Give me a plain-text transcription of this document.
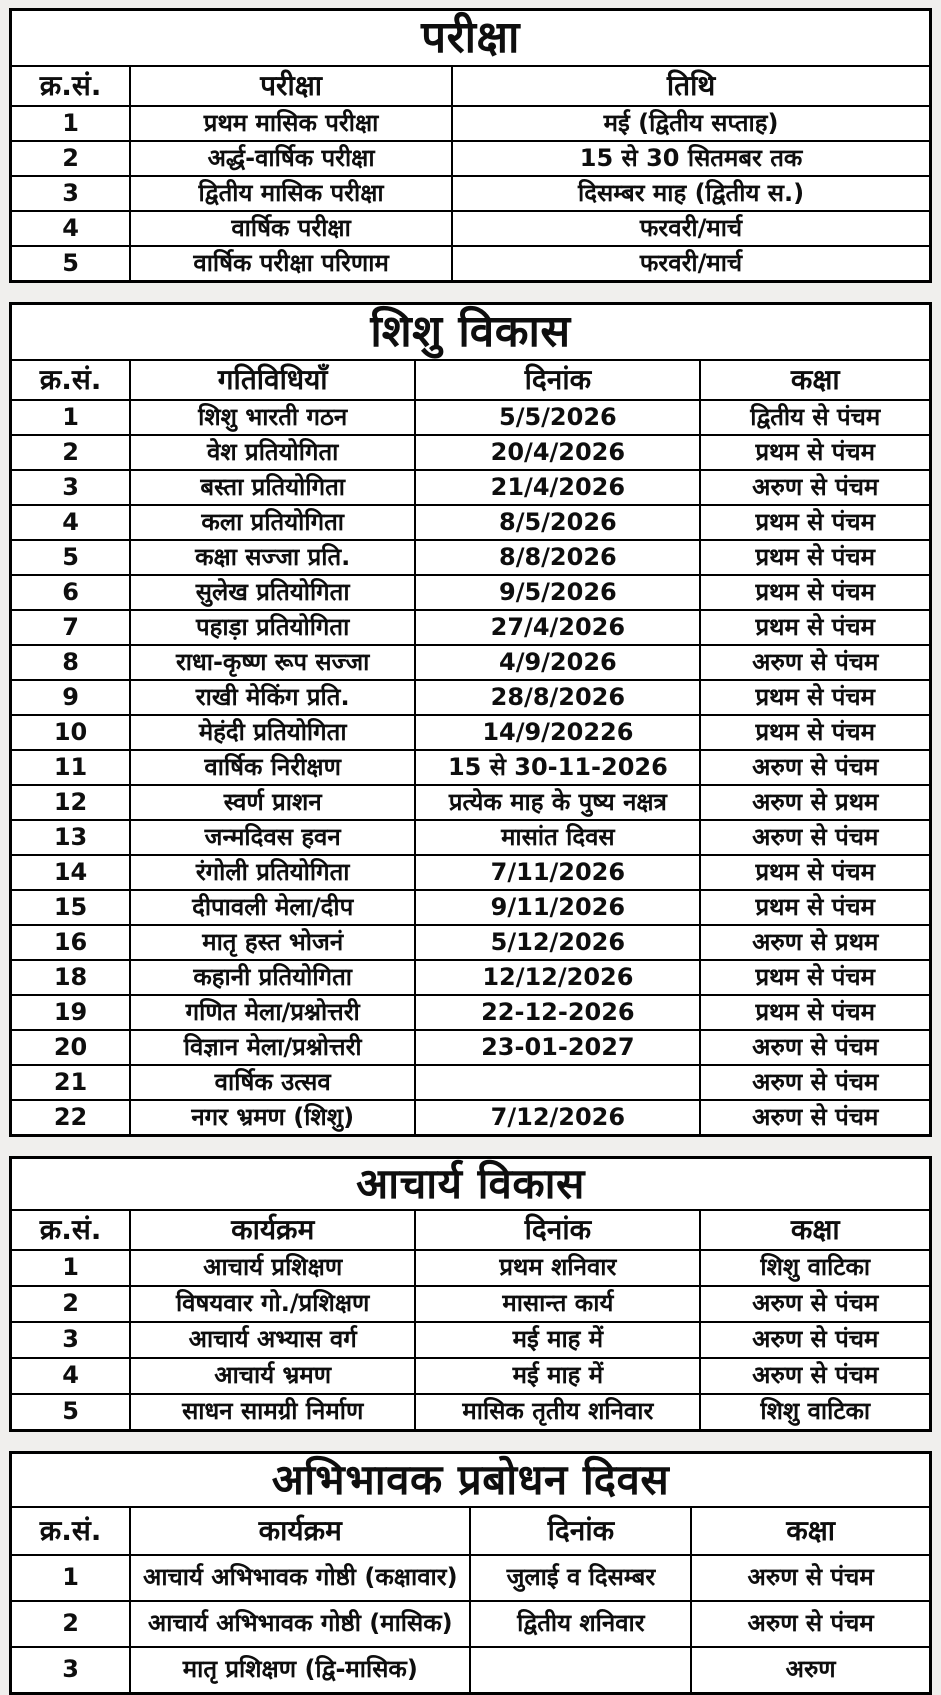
परीक्षा		
क्र.सं.	परीक्षा	तिथि
1	प्रथम मासिक परीक्षा	मई (द्वितीय सप्ताह)
2	अर्द्ध-वार्षिक परीक्षा	15 से 30 सितमबर तक
3	द्वितीय मासिक परीक्षा	दिसम्बर माह (द्वितीय स.)
4	वार्षिक परीक्षा	फरवरी/मार्च
5	वार्षिक परीक्षा परिणाम	फरवरी/मार्च
शिशु विकास			
क्र.सं.	गतिविधियाँ	दिनांक	कक्षा
1	शिशु भारती गठन	5/5/2026	द्वितीय से पंचम
2	वेश प्रतियोगिता	20/4/2026	प्रथम से पंचम
3	बस्ता प्रतियोगिता	21/4/2026	अरुण से पंचम
4	कला प्रतियोगिता	8/5/2026	प्रथम से पंचम
5	कक्षा सज्जा प्रति.	8/8/2026	प्रथम से पंचम
6	सुलेख प्रतियोगिता	9/5/2026	प्रथम से पंचम
7	पहाड़ा प्रतियोगिता	27/4/2026	प्रथम से पंचम
8	राधा-कृष्ण रूप सज्जा	4/9/2026	अरुण से पंचम
9	राखी मेकिंग प्रति.	28/8/2026	प्रथम से पंचम
10	मेहंदी प्रतियोगिता	14/9/20226	प्रथम से पंचम
11	वार्षिक निरीक्षण	15 से 30-11-2026	अरुण से पंचम
12	स्वर्ण प्राशन	प्रत्येक माह के पुष्य नक्षत्र	अरुण से प्रथम
13	जन्मदिवस हवन	मासांत दिवस	अरुण से पंचम
14	रंगोली प्रतियोगिता	7/11/2026	प्रथम से पंचम
15	दीपावली मेला/दीप	9/11/2026	प्रथम से पंचम
16	मातृ हस्त भोजनं	5/12/2026	अरुण से प्रथम
18	कहानी प्रतियोगिता	12/12/2026	प्रथम से पंचम
19	गणित मेला/प्रश्नोत्तरी	22-12-2026	प्रथम से पंचम
20	विज्ञान मेला/प्रश्नोत्तरी	23-01-2027	अरुण से पंचम
21	वार्षिक उत्सव		अरुण से पंचम
22	नगर भ्रमण (शिशु)	7/12/2026	अरुण से पंचम
आचार्य विकास			
क्र.सं.	कार्यक्रम	दिनांक	कक्षा
1	आचार्य प्रशिक्षण	प्रथम शनिवार	शिशु वाटिका
2	विषयवार गो./प्रशिक्षण	मासान्त कार्य	अरुण से पंचम
3	आचार्य अभ्यास वर्ग	मई माह में	अरुण से पंचम
4	आचार्य भ्रमण	मई माह में	अरुण से पंचम
5	साधन सामग्री निर्माण	मासिक तृतीय शनिवार	शिशु वाटिका
अभिभावक प्रबोधन दिवस			
क्र.सं.	कार्यक्रम	दिनांक	कक्षा
1	आचार्य अभिभावक गोष्ठी (कक्षावार)	जुलाई व दिसम्बर	अरुण से पंचम
2	आचार्य अभिभावक गोष्ठी (मासिक)	द्वितीय शनिवार	अरुण से पंचम
3	मातृ प्रशिक्षण (द्वि-मासिक)		अरुण
